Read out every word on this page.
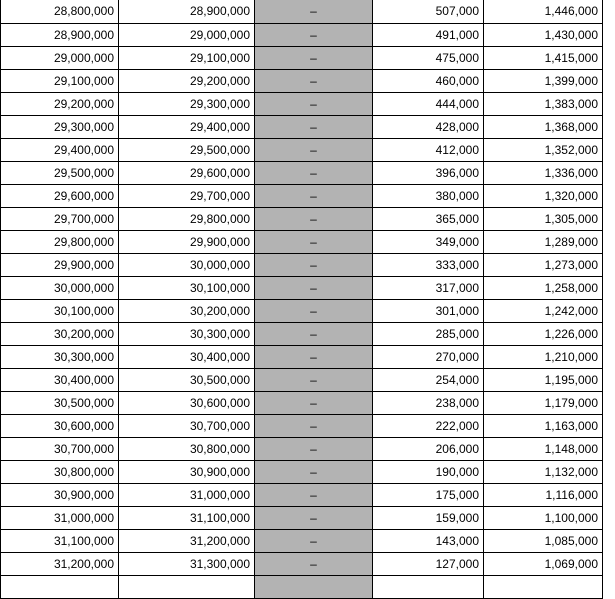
28,800,000	28,900,000	–	507,000	1,446,000
28,900,000	29,000,000	–	491,000	1,430,000
29,000,000	29,100,000	–	475,000	1,415,000
29,100,000	29,200,000	–	460,000	1,399,000
29,200,000	29,300,000	–	444,000	1,383,000
29,300,000	29,400,000	–	428,000	1,368,000
29,400,000	29,500,000	–	412,000	1,352,000
29,500,000	29,600,000	–	396,000	1,336,000
29,600,000	29,700,000	–	380,000	1,320,000
29,700,000	29,800,000	–	365,000	1,305,000
29,800,000	29,900,000	–	349,000	1,289,000
29,900,000	30,000,000	–	333,000	1,273,000
30,000,000	30,100,000	–	317,000	1,258,000
30,100,000	30,200,000	–	301,000	1,242,000
30,200,000	30,300,000	–	285,000	1,226,000
30,300,000	30,400,000	–	270,000	1,210,000
30,400,000	30,500,000	–	254,000	1,195,000
30,500,000	30,600,000	–	238,000	1,179,000
30,600,000	30,700,000	–	222,000	1,163,000
30,700,000	30,800,000	–	206,000	1,148,000
30,800,000	30,900,000	–	190,000	1,132,000
30,900,000	31,000,000	–	175,000	1,116,000
31,000,000	31,100,000	–	159,000	1,100,000
31,100,000	31,200,000	–	143,000	1,085,000
31,200,000	31,300,000	–	127,000	1,069,000
